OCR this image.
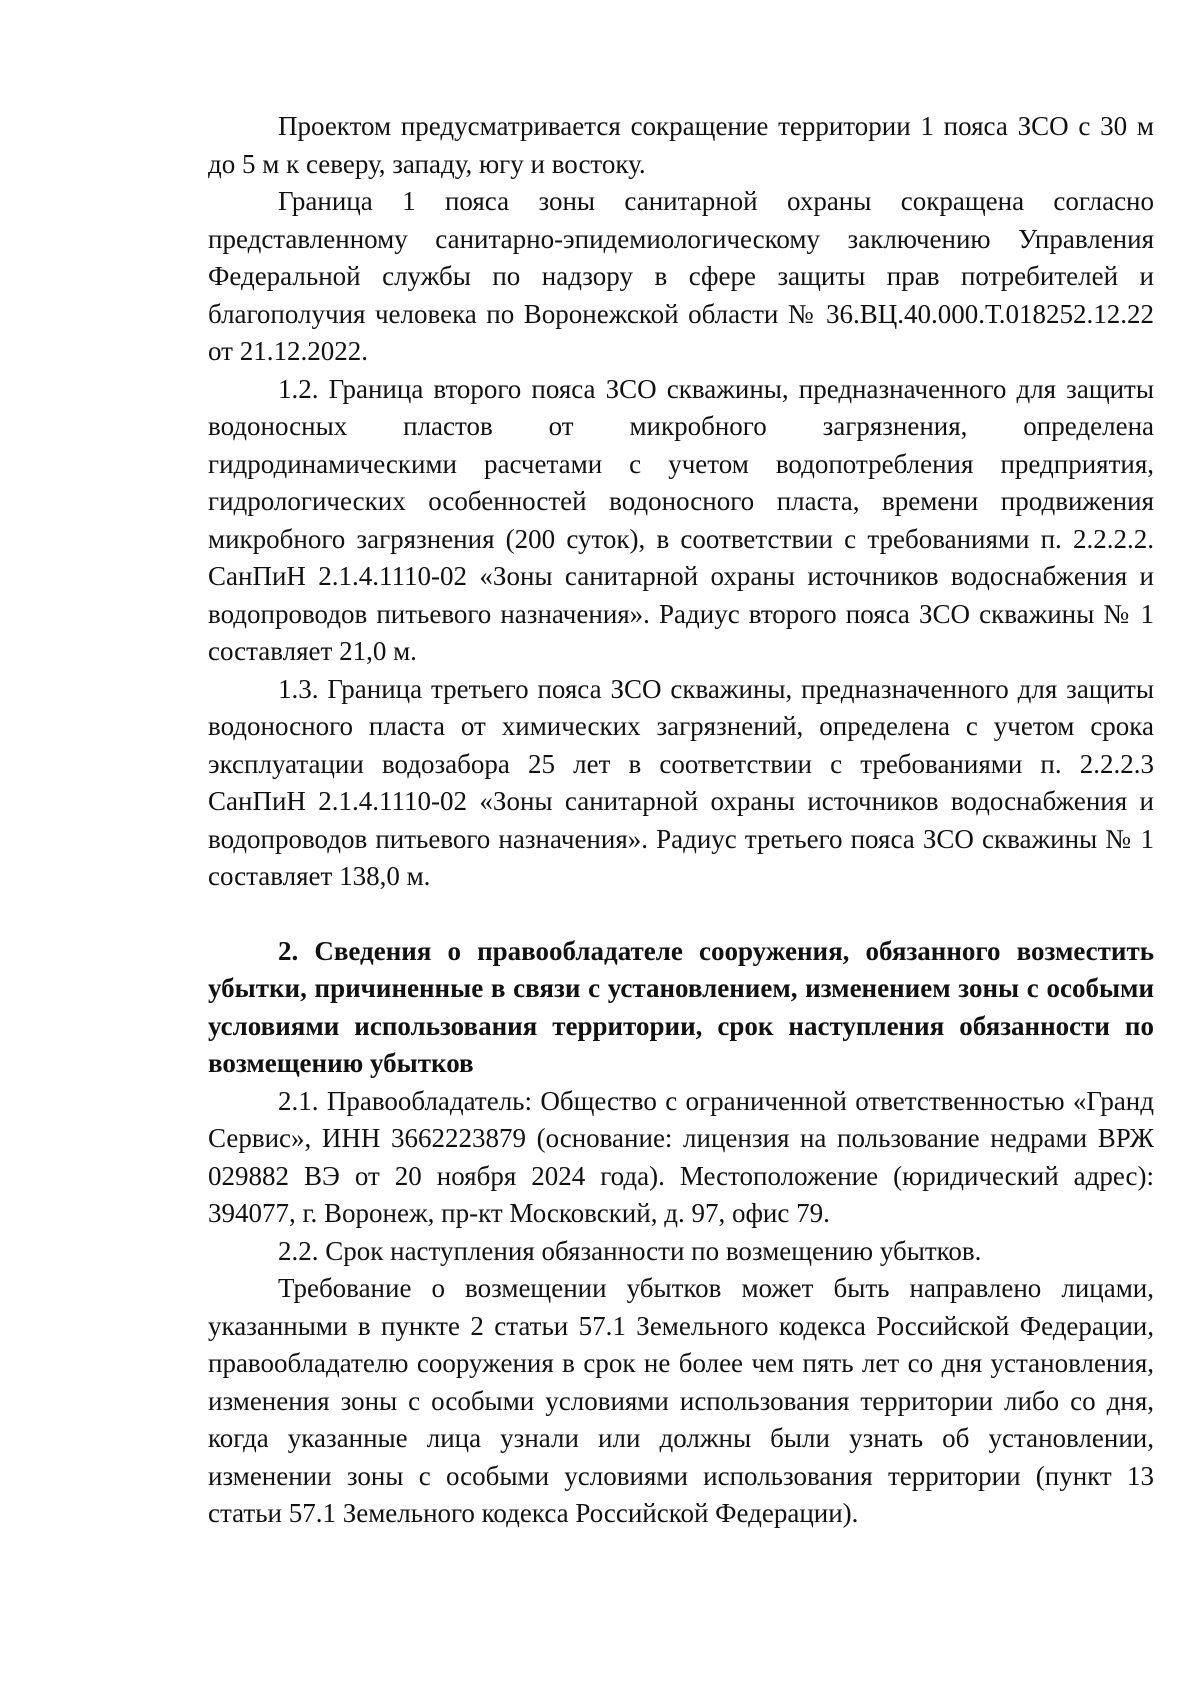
Проектом предусматривается сокращение территории 1 пояса ЗСО с 30 м до 5 м к северу, западу, югу и востоку.

Граница 1 пояса зоны санитарной охраны сокращена согласно представленному санитарно-эпидемиологическому заключению Управления Федеральной службы по надзору в сфере защиты прав потребителей и благополучия человека по Воронежской области № 36.ВЦ.40.000.Т.018252.12.22 от 21.12.2022.

1.2. Граница второго пояса ЗСО скважины, предназначенного для защиты водоносных пластов от микробного загрязнения, определена гидродинамическими расчетами с учетом водопотребления предприятия, гидрологических особенностей водоносного пласта, времени продвижения микробного загрязнения (200 суток), в соответствии с требованиями п. 2.2.2.2. СанПиН 2.1.4.1110-02 «Зоны санитарной охраны источников водоснабжения и водопроводов питьевого назначения». Радиус второго пояса ЗСО скважины № 1 составляет 21,0 м.

1.3. Граница третьего пояса ЗСО скважины, предназначенного для защиты водоносного пласта от химических загрязнений, определена с учетом срока эксплуатации водозабора 25 лет в соответствии с требованиями п. 2.2.2.3 СанПиН 2.1.4.1110-02 «Зоны санитарной охраны источников водоснабжения и водопроводов питьевого назначения». Радиус третьего пояса ЗСО скважины № 1 составляет 138,0 м.

2. Сведения о правообладателе сооружения, обязанного возместить убытки, причиненные в связи с установлением, изменением зоны с особыми условиями использования территории, срок наступления обязанности по возмещению убытков

2.1. Правообладатель: Общество с ограниченной ответственностью «Гранд Сервис», ИНН 3662223879 (основание: лицензия на пользование недрами ВРЖ 029882 ВЭ от 20 ноября 2024 года). Местоположение (юридический адрес): 394077, г. Воронеж, пр-кт Московский, д. 97, офис 79.

2.2. Срок наступления обязанности по возмещению убытков.

Требование о возмещении убытков может быть направлено лицами, указанными в пункте 2 статьи 57.1 Земельного кодекса Российской Федерации, правообладателю сооружения в срок не более чем пять лет со дня установления, изменения зоны с особыми условиями использования территории либо со дня, когда указанные лица узнали или должны были узнать об установлении, изменении зоны с особыми условиями использования территории (пункт 13 статьи 57.1 Земельного кодекса Российской Федерации).
